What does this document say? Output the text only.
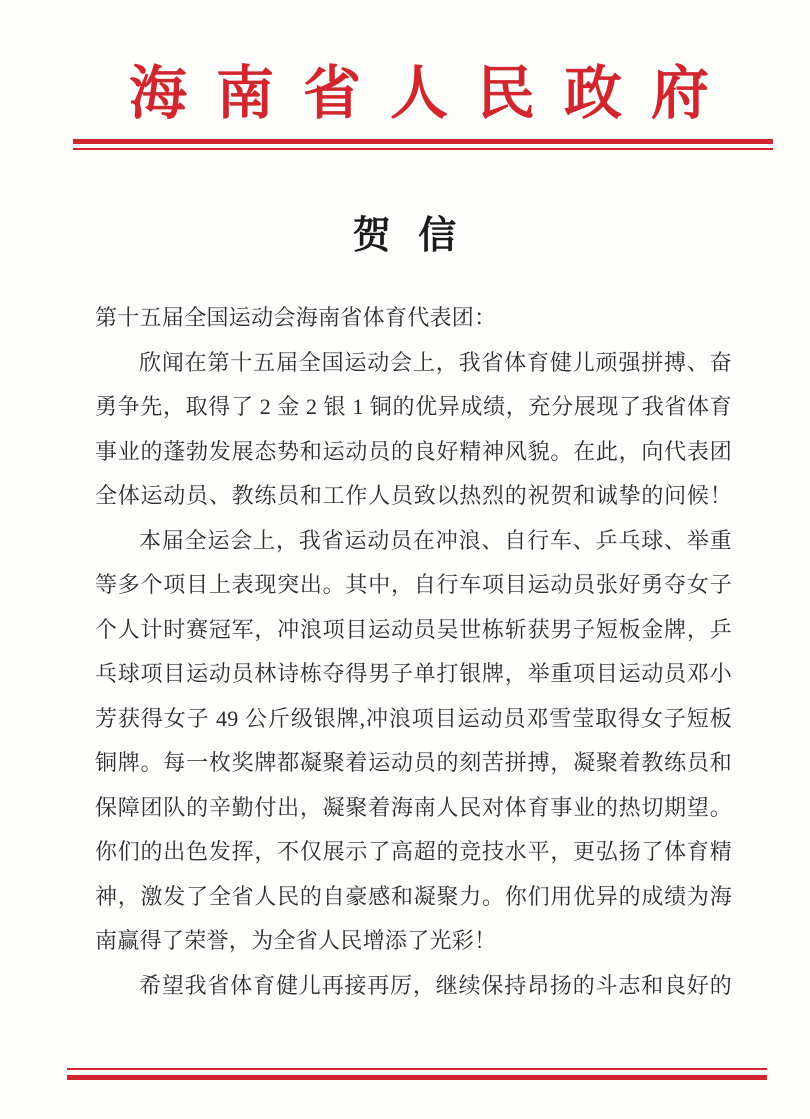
海南省人民政府
贺 信
第十五届全国运动会海南省体育代表团：
欣闻在第十五届全国运动会上，我省体育健儿顽强拼搏、奋
勇争先，取得了 2 金 2 银 1 铜的优异成绩，充分展现了我省体育
事业的蓬勃发展态势和运动员的良好精神风貌。在此，向代表团
全体运动员、教练员和工作人员致以热烈的祝贺和诚挚的问候！
本届全运会上，我省运动员在冲浪、自行车、乒乓球、举重
等多个项目上表现突出。其中，自行车项目运动员张好勇夺女子
个人计时赛冠军，冲浪项目运动员吴世栋斩获男子短板金牌，乒
乓球项目运动员林诗栋夺得男子单打银牌，举重项目运动员邓小
芳获得女子 49 公斤级银牌,冲浪项目运动员邓雪莹取得女子短板
铜牌。每一枚奖牌都凝聚着运动员的刻苦拼搏，凝聚着教练员和
保障团队的辛勤付出，凝聚着海南人民对体育事业的热切期望。
你们的出色发挥，不仅展示了高超的竞技水平，更弘扬了体育精
神，激发了全省人民的自豪感和凝聚力。你们用优异的成绩为海
南赢得了荣誉，为全省人民增添了光彩！
希望我省体育健儿再接再厉，继续保持昂扬的斗志和良好的
